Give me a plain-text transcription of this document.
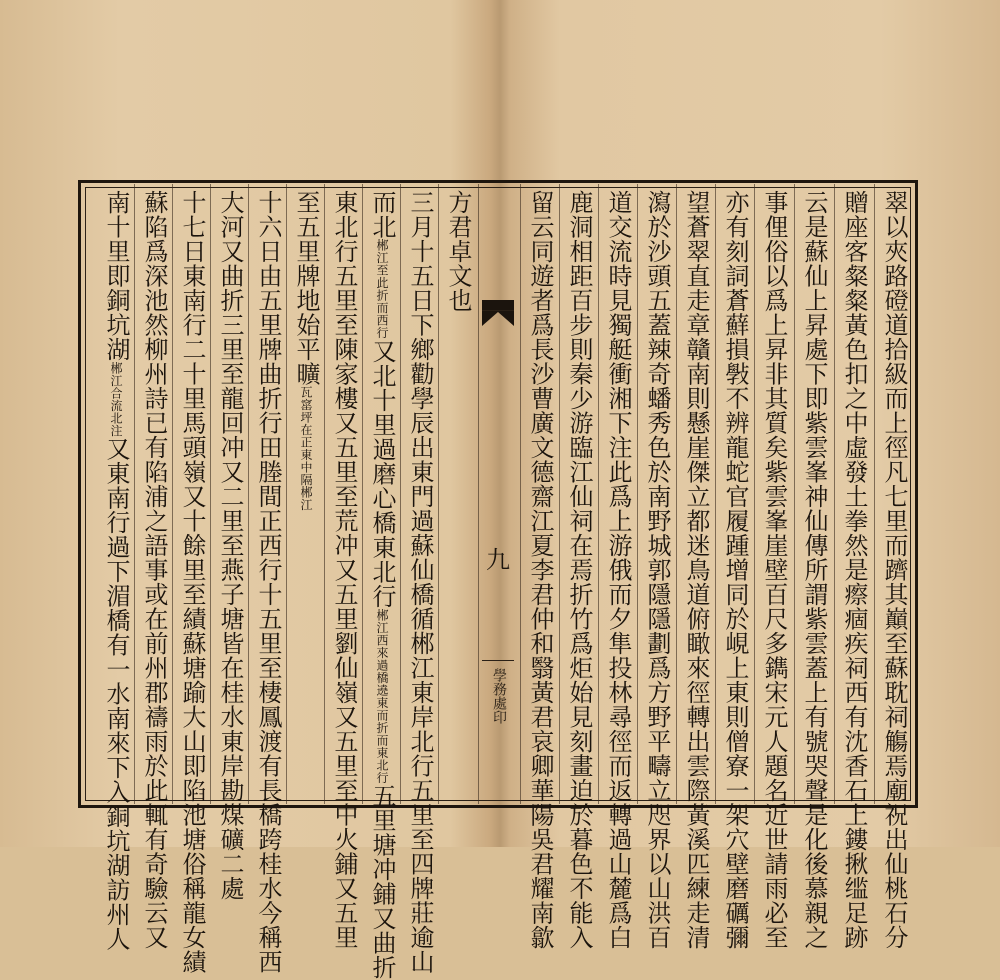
翠以夾路磴道拾級而上徑凡七里而躋其巔至蘇耽祠觴焉廟祝出仙桃石分
贈座客粲粲黃色扣之中虛發土拳然是瘵痼疾祠西有沈香石上鏤揪䍀足跡
云是蘇仙上昇處下即紫雲峯神仙傳所謂紫雲蓋上有號哭聲是化後慕親之
事俚俗以爲上昇非其質矣紫雲峯崖壁百尺多鐫宋元人題名近世請雨必至
亦有刻詞蒼蘚損斅不辨龍蛇官履踵增同於峴上東則僧寮一架穴壁磨礪彌
望蒼翠直走章贛南則懸崖傑立都迷鳥道俯瞰來徑轉出雲際黃溪匹練走清
瀉於沙頭五蓋辣奇蟠秀色於南野城郭隱隱劃爲方野平疇立咫界以山洪百
道交流時見獨艇衝湘下注此爲上游俄而夕隼投林尋徑而返轉過山麓爲白
鹿洞相距百步則秦少游臨江仙祠在焉折竹爲炬始見刻畫迫於暮色不能入
留云同遊者爲長沙曹廣文德齋江夏李君仲和翳黃君哀卿華陽吳君耀南歙
九
學務處印
方君卓文也
三月十五日下鄉勸學辰出東門過蘇仙橋循郴江東岸北行五里至四牌莊逾山
而北郴江至此折而西行又北十里過磨心橋東北行郴江西來過橋遶東而折而東北行五里塘冲鋪又曲折
東北行五里至陳家樓又五里至荒冲又五里劉仙嶺又五里至中火鋪又五里
至五里牌地始平曠瓦窰坪在正東中隔郴江
十六日由五里牌曲折行田塍間正西行十五里至棲鳳渡有長橋跨桂水今稱西
大河又曲折三里至龍回冲又二里至燕子塘皆在桂水東岸勘煤礦二處
十七日東南行二十里馬頭嶺又十餘里至績蘇塘踰大山即陷池塘俗稱龍女績
蘇陷爲深池然柳州詩已有陷浦之語事或在前州郡禱雨於此輒有奇驗云又
南十里即銅坑湖郴江合流北注又東南行過下湄橋有一水南來下入銅坑湖訪州人
